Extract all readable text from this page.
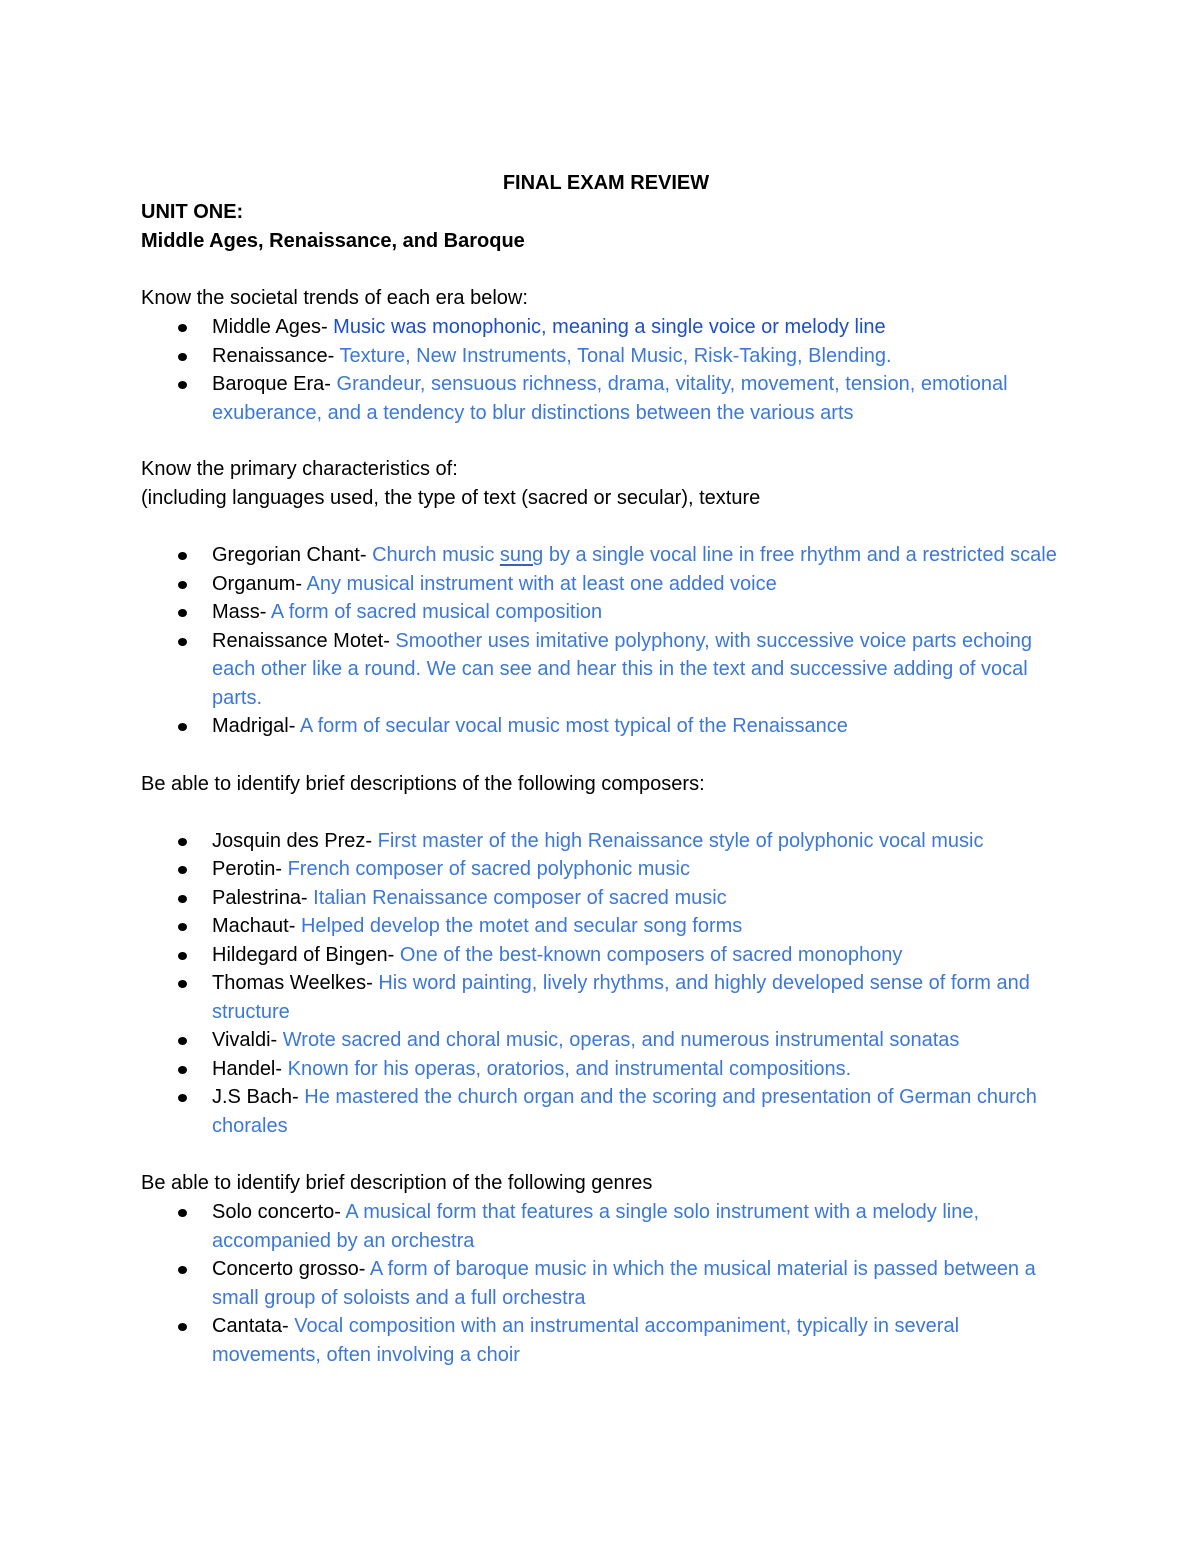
FINAL EXAM REVIEW
UNIT ONE:
Middle Ages, Renaissance, and Baroque

Know the societal trends of each era below:

Middle Ages- Music was monophonic, meaning a single voice or melody line
Renaissance- Texture, New Instruments, Tonal Music, Risk-Taking, Blending.
Baroque Era- Grandeur, sensuous richness, drama, vitality, movement, tension, emotional exuberance, and a tendency to blur distinctions between the various arts

Know the primary characteristics of:

(including languages used, the type of text (sacred or secular), texture

Gregorian Chant- Church music sung by a single vocal line in free rhythm and a restricted scale
Organum- Any musical instrument with at least one added voice
Mass- A form of sacred musical composition
Renaissance Motet- Smoother uses imitative polyphony, with successive voice parts echoing each other like a round. We can see and hear this in the text and successive adding of vocal parts.
Madrigal- A form of secular vocal music most typical of the Renaissance

Be able to identify brief descriptions of the following composers:

Josquin des Prez- First master of the high Renaissance style of polyphonic vocal music
Perotin- French composer of sacred polyphonic music
Palestrina- Italian Renaissance composer of sacred music
Machaut- Helped develop the motet and secular song forms
Hildegard of Bingen- One of the best-known composers of sacred monophony
Thomas Weelkes- His word painting, lively rhythms, and highly developed sense of form and structure
Vivaldi- Wrote sacred and choral music, operas, and numerous instrumental sonatas
Handel- Known for his operas, oratorios, and instrumental compositions.
J.S Bach- He mastered the church organ and the scoring and presentation of German church chorales

Be able to identify brief description of the following genres

Solo concerto- A musical form that features a single solo instrument with a melody line, accompanied by an orchestra
Concerto grosso- A form of baroque music in which the musical material is passed between a small group of soloists and a full orchestra
Cantata- Vocal composition with an instrumental accompaniment, typically in several movements, often involving a choir
